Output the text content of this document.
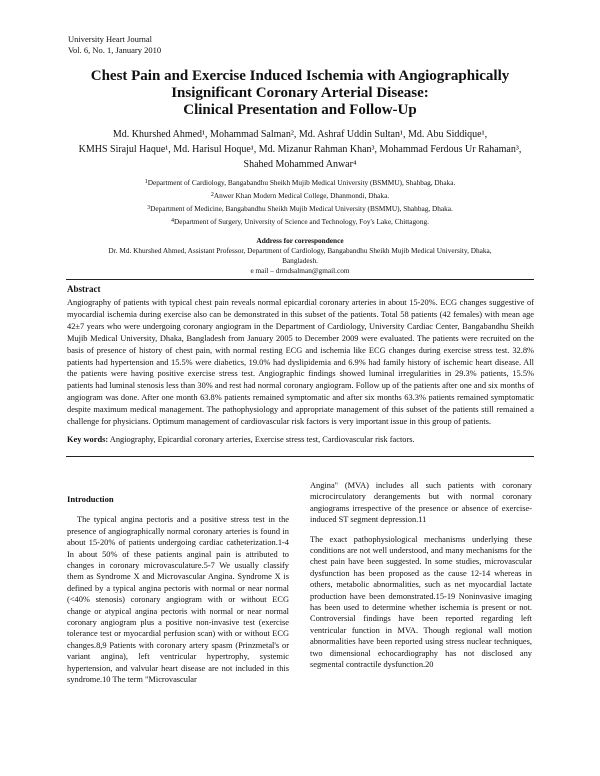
University Heart Journal
Vol. 6, No. 1, January 2010
Chest Pain and Exercise Induced Ischemia with Angiographically
Insignificant Coronary Arterial Disease:
Clinical Presentation and Follow-Up
Md. Khurshed Ahmed¹, Mohammad Salman², Md. Ashraf Uddin Sultan¹, Md. Abu Siddique¹,
KMHS Sirajul Haque¹, Md. Harisul Hoque¹, Md. Mizanur Rahman Khan³, Mohammad Ferdous Ur Rahaman³,
Shahed Mohammed Anwar⁴
$^1$Department of Cardiology, Bangabandhu Sheikh Mujib Medical University (BSMMU), Shahbag, Dhaka.
$^2$Anwer Khan Modern Medical College, Dhanmondi, Dhaka.
$^3$Department of Medicine, Bangabandhu Sheikh Mujib Medical University (BSMMU), Shahbag, Dhaka.
$^4$Department of Surgery, University of Science and Technology, Foy's Lake, Chittagong.
Address for correspondence
Dr. Md. Khurshed Ahmed, Assistant Professor, Department of Cardiology, Bangabandhu Sheikh Mujib Medical University, Dhaka,
Bangladesh.
e mail – drmdsalman@gmail.com
Abstract
Angiography of patients with typical chest pain reveals normal epicardial coronary arteries in about 15-20%. ECG changes suggestive of myocardial ischemia during exercise also can be demonstrated in this subset of the patients. Total 58 patients (42 females) with mean age 42±7 years who were undergoing coronary angiogram in the Department of Cardiology, University Cardiac Center, Bangabandhu Sheikh Mujib Medical University, Dhaka, Bangladesh from January 2005 to December 2009 were evaluated. The patients were recruited on the basis of presence of history of chest pain, with normal resting ECG and ischemia like ECG changes during exercise stress test. 32.8% patients had hypertension and 15.5% were diabetics, 19.0% had dyslipidemia and 6.9% had family history of ischemic heart disease. All the patients were having positive exercise stress test. Angiographic findings showed luminal irregularities in 29.3% patients, 15.5% patients had luminal stenosis less than 30% and rest had normal coronary angiogram. Follow up of the patients after one and six months of angiogram was done. After one month 63.8% patients remained symptomatic and after six months 63.3% patients remained symptomatic despite maximum medical management. The pathophysiology and appropriate management of this subset of the patients still remained a challenge for physicians. Optimum management of cardiovascular risk factors is very important issue in this group of patients.
Key words: Angiography, Epicardial coronary arteries, Exercise stress test, Cardiovascular risk factors.
Introduction

The typical angina pectoris and a positive stress test in the presence of angiographically normal coronary arteries is found in about 15-20% of patients undergoing cardiac catheterization.1-4 In about 50% of these patients anginal pain is attributed to changes in coronary microvasculature.5-7 We usually classify them as Syndrome X and Microvascular Angina. Syndrome X is defined by a typical angina pectoris with normal or near normal (<40% stenosis) coronary angiogram with or without ECG change or atypical angina pectoris with normal or near normal coronary angiogram plus a positive non-invasive test (exercise tolerance test or myocardial perfusion scan) with or without ECG changes.8,9 Patients with coronary artery spasm (Prinzmetal's or variant angina), left ventricular hypertrophy, systemic hypertension, and valvular heart disease are not included in this syndrome.10 The term "Microvascular

Angina" (MVA) includes all such patients with coronary microcirculatory derangements but with normal coronary angiograms irrespective of the presence or absence of exercise- induced ST segment depression.11

The exact pathophysiological mechanisms underlying these conditions are not well understood, and many mechanisms for the chest pain have been suggested. In some studies, microvascular dysfunction has been proposed as the cause 12-14 whereas in others, metabolic abnormalities, such as net myocardial lactate production have been demonstrated.15-19 Noninvasive imaging has been used to determine whether ischemia is present or not. Controversial findings have been reported regarding left ventricular function in MVA. Though regional wall motion abnormalities have been reported using stress nuclear techniques, two dimensional echocardiography has not disclosed any segmental contractile dysfunction.20
